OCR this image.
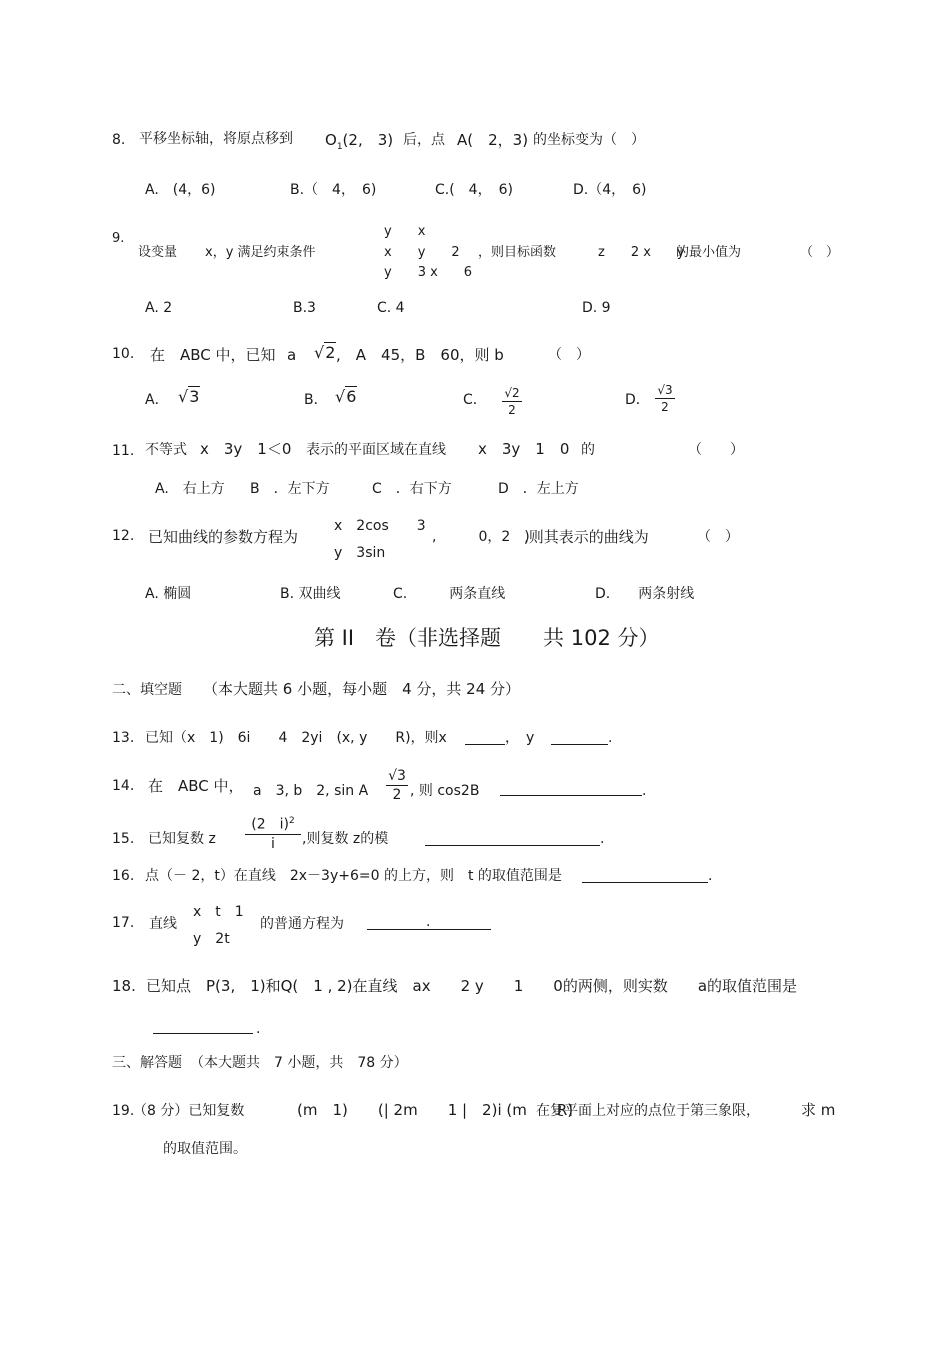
8. 平移坐标轴，将原点移到 $O_1(2$,　3) 后，点 A(　2，3) 的坐标变为（　）
A.　(4，6)	B.（　4，　6)	C.(　4，　6)	D.（4，　6)
9.
设变量 x，y 满足约束条件
y　　x
x　　y　　2
y　　3 x　　6
，则目标函数	z　　2 x　　y
的最小值为	（　）
A. 2	B.3	C. 4	D. 9
10. 在　ABC 中，已知 a √2 ,　A　45，B　60，则 b	（　）
A． √3	B． √6	C． √2
2
D．
√3
2
11. 不等式 x　3y　1＜0 表示的平面区域在直线 x　3y　1　0 的	（　　）
A.　右上方 B　．左下方	C　．右下方	D　．左上方
12. 已知曲线的参数方程为
x　2cos　　3
y　3sin
,　　　0，2　)
,则其表示的曲线为	（　）
A. 椭圆	B. 双曲线	C.　　　两条直线	D.　　两条射线
第 II　卷（非选择题　　共 102 分）
二、填空题 （本大题共 6 小题，每小题　4 分，共 24 分）
13. 已知（x　1)　6i　　4　2yi　(x, y　　R)，则x	，　y	.
14. 在　ABC 中， a　3, b　2, sin A
√3
2 , 则 cos2B	.
15. 已知复数 z
(2　i)$^2$
i	,则复数 z的模	.
16. 点（－ 2，t）在直线　2x－3y+6=0 的上方，则　t 的取值范围是	.
17. 直线
x　t　1
y　2t
的普通方程为	.
18. 已知点　P(3,　1)和Q(　1 , 2)在直线　ax　　2 y　　1　　0的两侧，则实数　　a的取值范围是
.
三、解答题 （本大题共　7 小题，共　78 分）
19.
（8 分）已知复数	(m　1)　　(| 2m　　1 |　2)i (m　　R)
在复平面上对应的点位于第三象限，	求 m
的取值范围。
